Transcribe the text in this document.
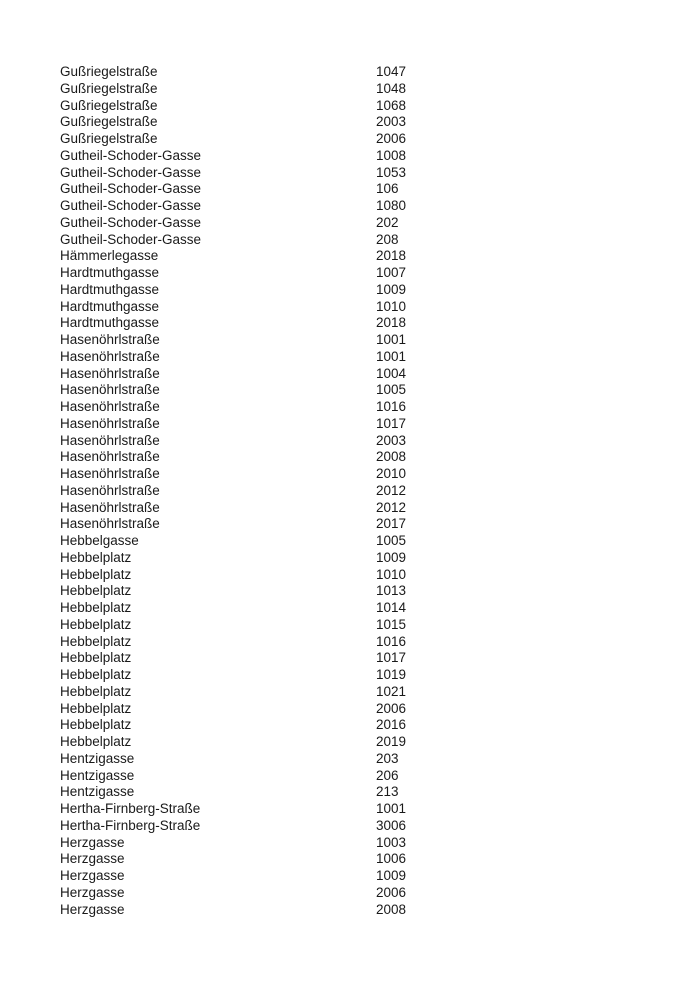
Gußriegelstraße	1047
Gußriegelstraße	1048
Gußriegelstraße	1068
Gußriegelstraße	2003
Gußriegelstraße	2006
Gutheil-Schoder-Gasse	1008
Gutheil-Schoder-Gasse	1053
Gutheil-Schoder-Gasse	106
Gutheil-Schoder-Gasse	1080
Gutheil-Schoder-Gasse	202
Gutheil-Schoder-Gasse	208
Hämmerlegasse	2018
Hardtmuthgasse	1007
Hardtmuthgasse	1009
Hardtmuthgasse	1010
Hardtmuthgasse	2018
Hasenöhrlstraße	1001
Hasenöhrlstraße	1001
Hasenöhrlstraße	1004
Hasenöhrlstraße	1005
Hasenöhrlstraße	1016
Hasenöhrlstraße	1017
Hasenöhrlstraße	2003
Hasenöhrlstraße	2008
Hasenöhrlstraße	2010
Hasenöhrlstraße	2012
Hasenöhrlstraße	2012
Hasenöhrlstraße	2017
Hebbelgasse	1005
Hebbelplatz	1009
Hebbelplatz	1010
Hebbelplatz	1013
Hebbelplatz	1014
Hebbelplatz	1015
Hebbelplatz	1016
Hebbelplatz	1017
Hebbelplatz	1019
Hebbelplatz	1021
Hebbelplatz	2006
Hebbelplatz	2016
Hebbelplatz	2019
Hentzigasse	203
Hentzigasse	206
Hentzigasse	213
Hertha-Firnberg-Straße	1001
Hertha-Firnberg-Straße	3006
Herzgasse	1003
Herzgasse	1006
Herzgasse	1009
Herzgasse	2006
Herzgasse	2008
